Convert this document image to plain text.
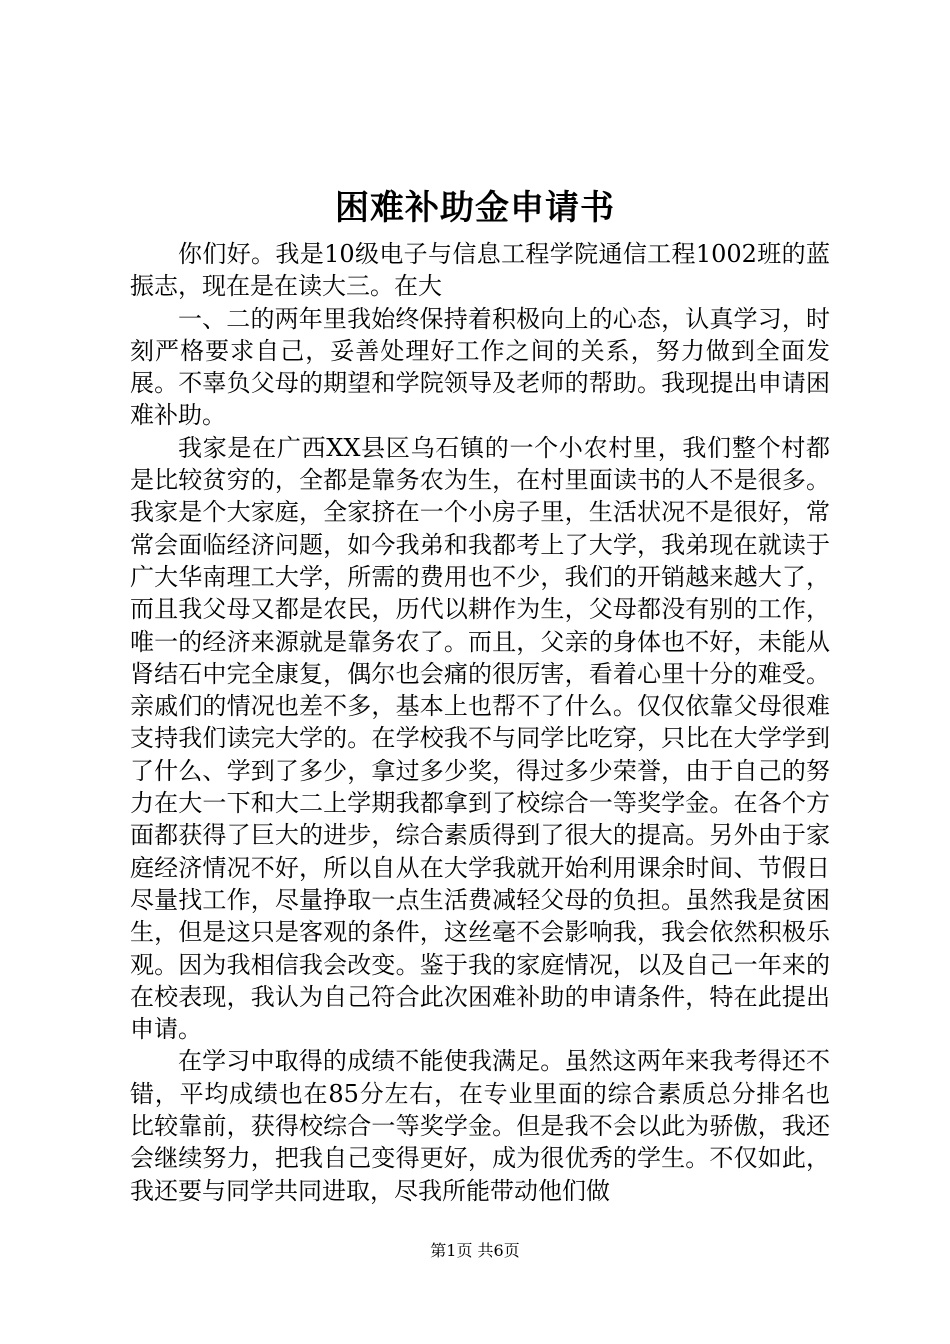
困难补助金申请书

你们好。我是10级电子与信息工程学院通信工程1002班的蓝振志，现在是在读大三。在大

一、二的两年里我始终保持着积极向上的心态，认真学习，时刻严格要求自己，妥善处理好工作之间的关系，努力做到全面发展。不辜负父母的期望和学院领导及老师的帮助。我现提出申请困难补助。

我家是在广西XX县区乌石镇的一个小农村里，我们整个村都是比较贫穷的，全都是靠务农为生，在村里面读书的人不是很多。我家是个大家庭，全家挤在一个小房子里，生活状况不是很好，常常会面临经济问题，如今我弟和我都考上了大学，我弟现在就读于广大华南理工大学，所需的费用也不少，我们的开销越来越大了，而且我父母又都是农民，历代以耕作为生，父母都没有别的工作，唯一的经济来源就是靠务农了。而且，父亲的身体也不好，未能从肾结石中完全康复，偶尔也会痛的很厉害，看着心里十分的难受。亲戚们的情况也差不多，基本上也帮不了什么。仅仅依靠父母很难支持我们读完大学的。在学校我不与同学比吃穿，只比在大学学到了什么、学到了多少，拿过多少奖，得过多少荣誉，由于自己的努力在大一下和大二上学期我都拿到了校综合一等奖学金。在各个方面都获得了巨大的进步，综合素质得到了很大的提高。另外由于家庭经济情况不好，所以自从在大学我就开始利用课余时间、节假日尽量找工作，尽量挣取一点生活费减轻父母的负担。虽然我是贫困生，但是这只是客观的条件，这丝毫不会影响我，我会依然积极乐观。因为我相信我会改变。鉴于我的家庭情况，以及自己一年来的在校表现，我认为自己符合此次困难补助的申请条件，特在此提出申请。

在学习中取得的成绩不能使我满足。虽然这两年来我考得还不错，平均成绩也在85分左右，在专业里面的综合素质总分排名也比较靠前，获得校综合一等奖学金。但是我不会以此为骄傲，我还会继续努力，把我自己变得更好，成为很优秀的学生。不仅如此，我还要与同学共同进取，尽我所能带动他们做

第1页 共6页
